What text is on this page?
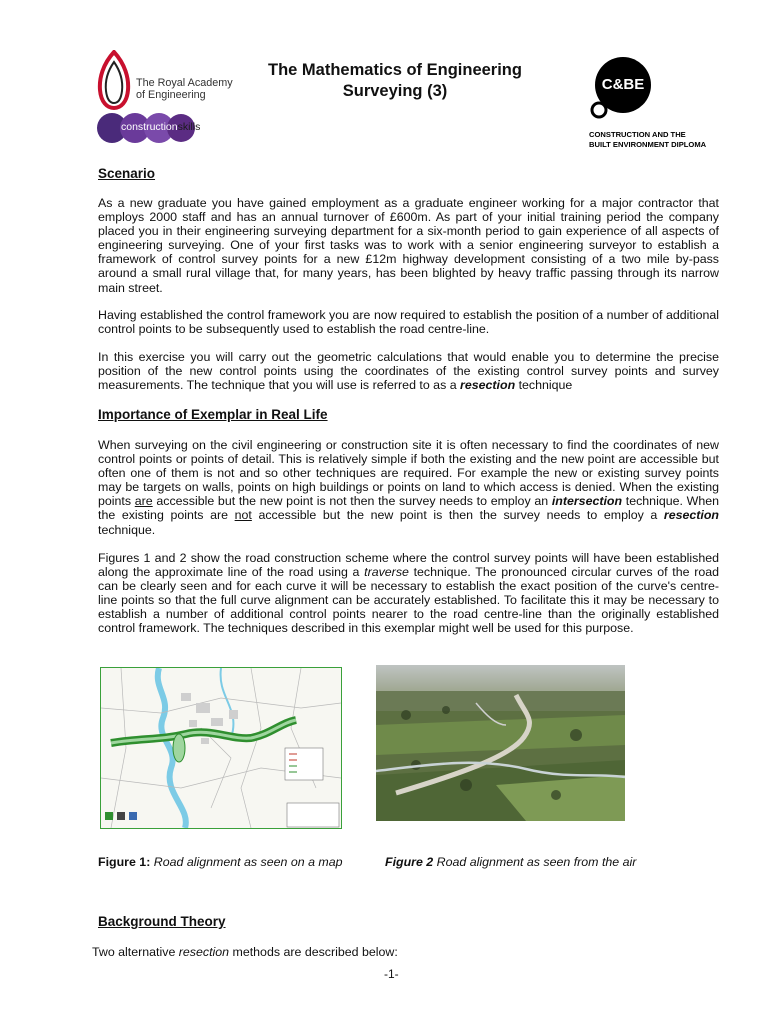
The Royal Academy
of Engineering
constructionskills
The Mathematics of Engineering
Surveying (3)	C&BE
CONSTRUCTION AND THE
BUILT ENVIRONMENT DIPLOMA
Scenario
As a new graduate you have gained employment as a graduate engineer working for a major contractor that employs 2000 staff and has an annual turnover of £600m. As part of your initial training period the company placed you in their engineering surveying department for a six-month period to gain experience of all aspects of engineering surveying. One of your first tasks was to work with a senior engineering surveyor to establish a framework of control survey points for a new £12m highway development consisting of a two mile by-pass around a small rural village that, for many years, has been blighted by heavy traffic passing through its narrow main street.
Having established the control framework you are now required to establish the position of a number of additional control points to be subsequently used to establish the road centre-line.
In this exercise you will carry out the geometric calculations that would enable you to determine the precise position of the new control points using the coordinates of the existing control survey points and survey measurements. The technique that you will use is referred to as a resection technique
Importance of Exemplar in Real Life
When surveying on the civil engineering or construction site it is often necessary to find the coordinates of new control points or points of detail. This is relatively simple if both the existing and the new point are accessible but often one of them is not and so other techniques are required. For example the new or existing survey points may be targets on walls, points on high buildings or points on land to which access is denied. When the existing points are accessible but the new point is not then the survey needs to employ an intersection technique. When the existing points are not accessible but the new point is then the survey needs to employ a resection technique.
Figures 1 and 2 show the road construction scheme where the control survey points will have been established along the approximate line of the road using a traverse technique. The pronounced circular curves of the road can be clearly seen and for each curve it will be necessary to establish the exact position of the curve's centre-line points so that the full curve alignment can be accurately established. To facilitate this it may be necessary to establish a number of additional control points nearer to the road centre-line than the originally established control framework. The techniques described in this exemplar might well be used for this purpose.
Figure 1: Road alignment as seen on a map	Figure 2 Road alignment as seen from the air
Background Theory
Two alternative resection methods are described below:
-1-
